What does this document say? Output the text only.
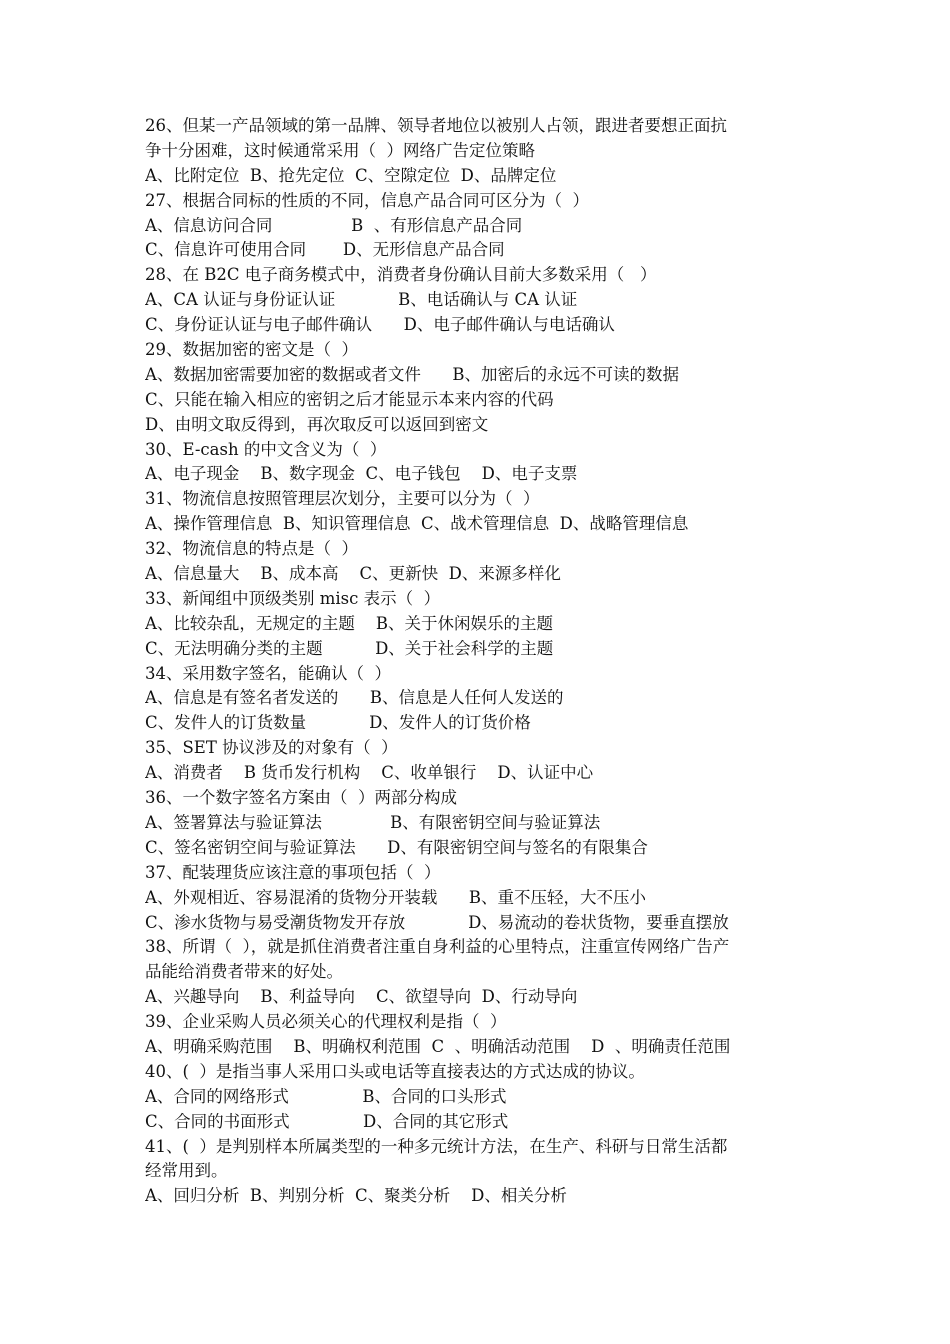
26、但某一产品领域的第一品牌、领导者地位以被别人占领，跟进者要想正面抗
争十分困难，这时候通常采用（  ）网络广告定位策略
A、比附定位  B、抢先定位  C、空隙定位  D、品牌定位
27、根据合同标的性质的不同，信息产品合同可区分为（  ）
A、信息访问合同               B  、有形信息产品合同
C、信息许可使用合同       D、无形信息产品合同
28、在 B2C 电子商务模式中，消费者身份确认目前大多数采用（   ）
A、CA 认证与身份证认证            B、电话确认与 CA 认证
C、身份证认证与电子邮件确认      D、电子邮件确认与电话确认
29、数据加密的密文是（  ）
A、数据加密需要加密的数据或者文件      B、加密后的永远不可读的数据
C、只能在输入相应的密钥之后才能显示本来内容的代码
D、由明文取反得到，再次取反可以返回到密文
30、E-cash 的中文含义为（  ）
A、电子现金    B、数字现金  C、电子钱包    D、电子支票
31、物流信息按照管理层次划分，主要可以分为（  ）
A、操作管理信息  B、知识管理信息  C、战术管理信息  D、战略管理信息
32、物流信息的特点是（  ）
A、信息量大    B、成本高    C、更新快  D、来源多样化
33、新闻组中顶级类别 misc 表示（  ）
A、比较杂乱，无规定的主题    B、关于休闲娱乐的主题
C、无法明确分类的主题          D、关于社会科学的主题
34、采用数字签名，能确认（  ）
A、信息是有签名者发送的      B、信息是人任何人发送的
C、发件人的订货数量            D、发件人的订货价格
35、SET 协议涉及的对象有（  ）
A、消费者    B 货币发行机构    C、收单银行    D、认证中心
36、一个数字签名方案由（  ）两部分构成
A、签署算法与验证算法             B、有限密钥空间与验证算法
C、签名密钥空间与验证算法      D、有限密钥空间与签名的有限集合
37、配装理货应该注意的事项包括（  ）
A、外观相近、容易混淆的货物分开装载      B、重不压轻，大不压小
C、渗水货物与易受潮货物发开存放            D、易流动的卷状货物，要垂直摆放
38、所谓（  ），就是抓住消费者注重自身利益的心里特点，注重宣传网络广告产
品能给消费者带来的好处。
A、兴趣导向    B、利益导向    C、欲望导向  D、行动导向
39、企业采购人员必须关心的代理权利是指（  ）
A、明确采购范围    B、明确权利范围  C  、明确活动范围    D  、明确责任范围
40、(  ）是指当事人采用口头或电话等直接表达的方式达成的协议。
A、合同的网络形式              B、合同的口头形式
C、合同的书面形式              D、合同的其它形式
41、(  ）是判别样本所属类型的一种多元统计方法，在生产、科研与日常生活都
经常用到。
A、回归分析  B、判别分析  C、聚类分析    D、相关分析
